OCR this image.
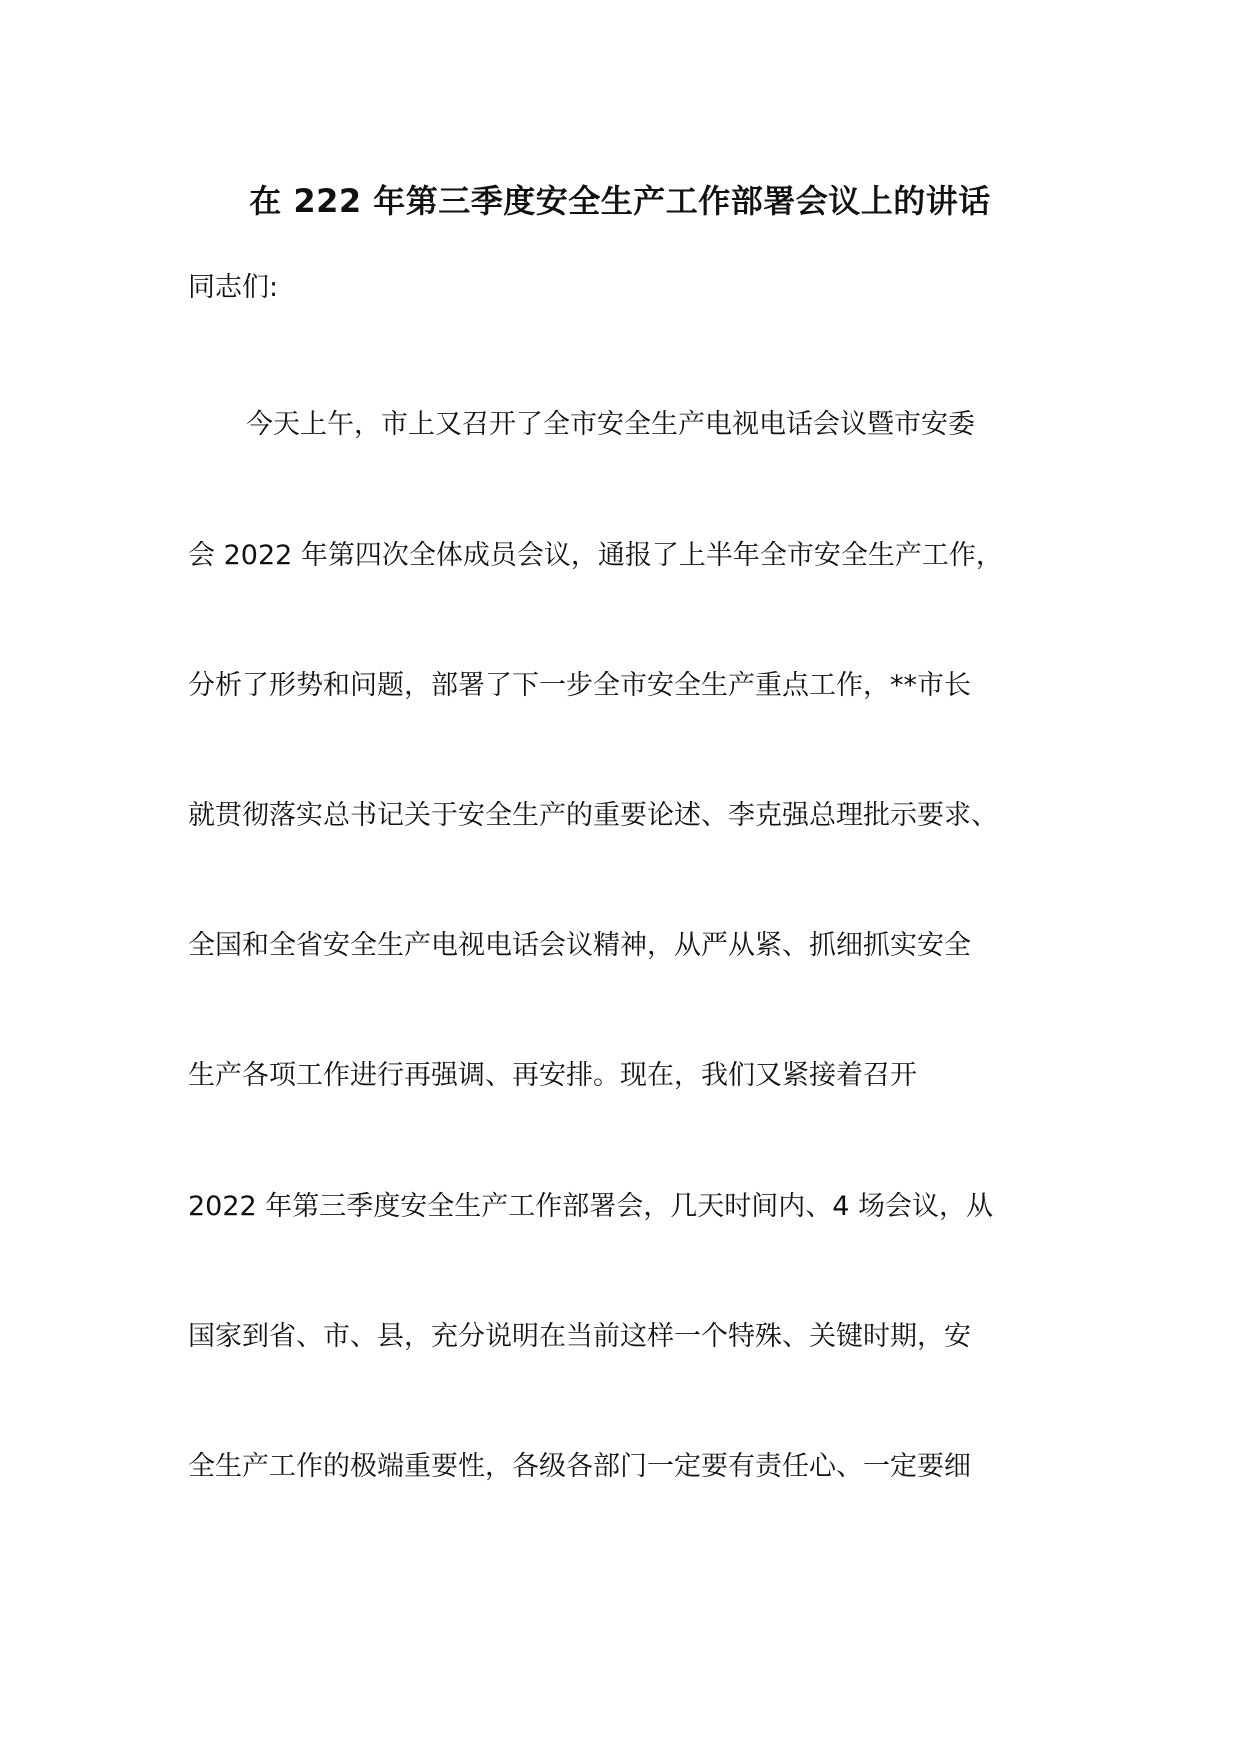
在 222 年第三季度安全生产工作部署会议上的讲话
同志们:
今天上午，市上又召开了全市安全生产电视电话会议暨市安委
会 2022 年第四次全体成员会议，通报了上半年全市安全生产工作，
分析了形势和问题，部署了下一步全市安全生产重点工作，**市长
就贯彻落实总书记关于安全生产的重要论述、李克强总理批示要求、
全国和全省安全生产电视电话会议精神，从严从紧、抓细抓实安全
生产各项工作进行再强调、再安排。现在，我们又紧接着召开
2022 年第三季度安全生产工作部署会，几天时间内、4 场会议，从
国家到省、市、县，充分说明在当前这样一个特殊、关键时期，安
全生产工作的极端重要性，各级各部门一定要有责任心、一定要细
